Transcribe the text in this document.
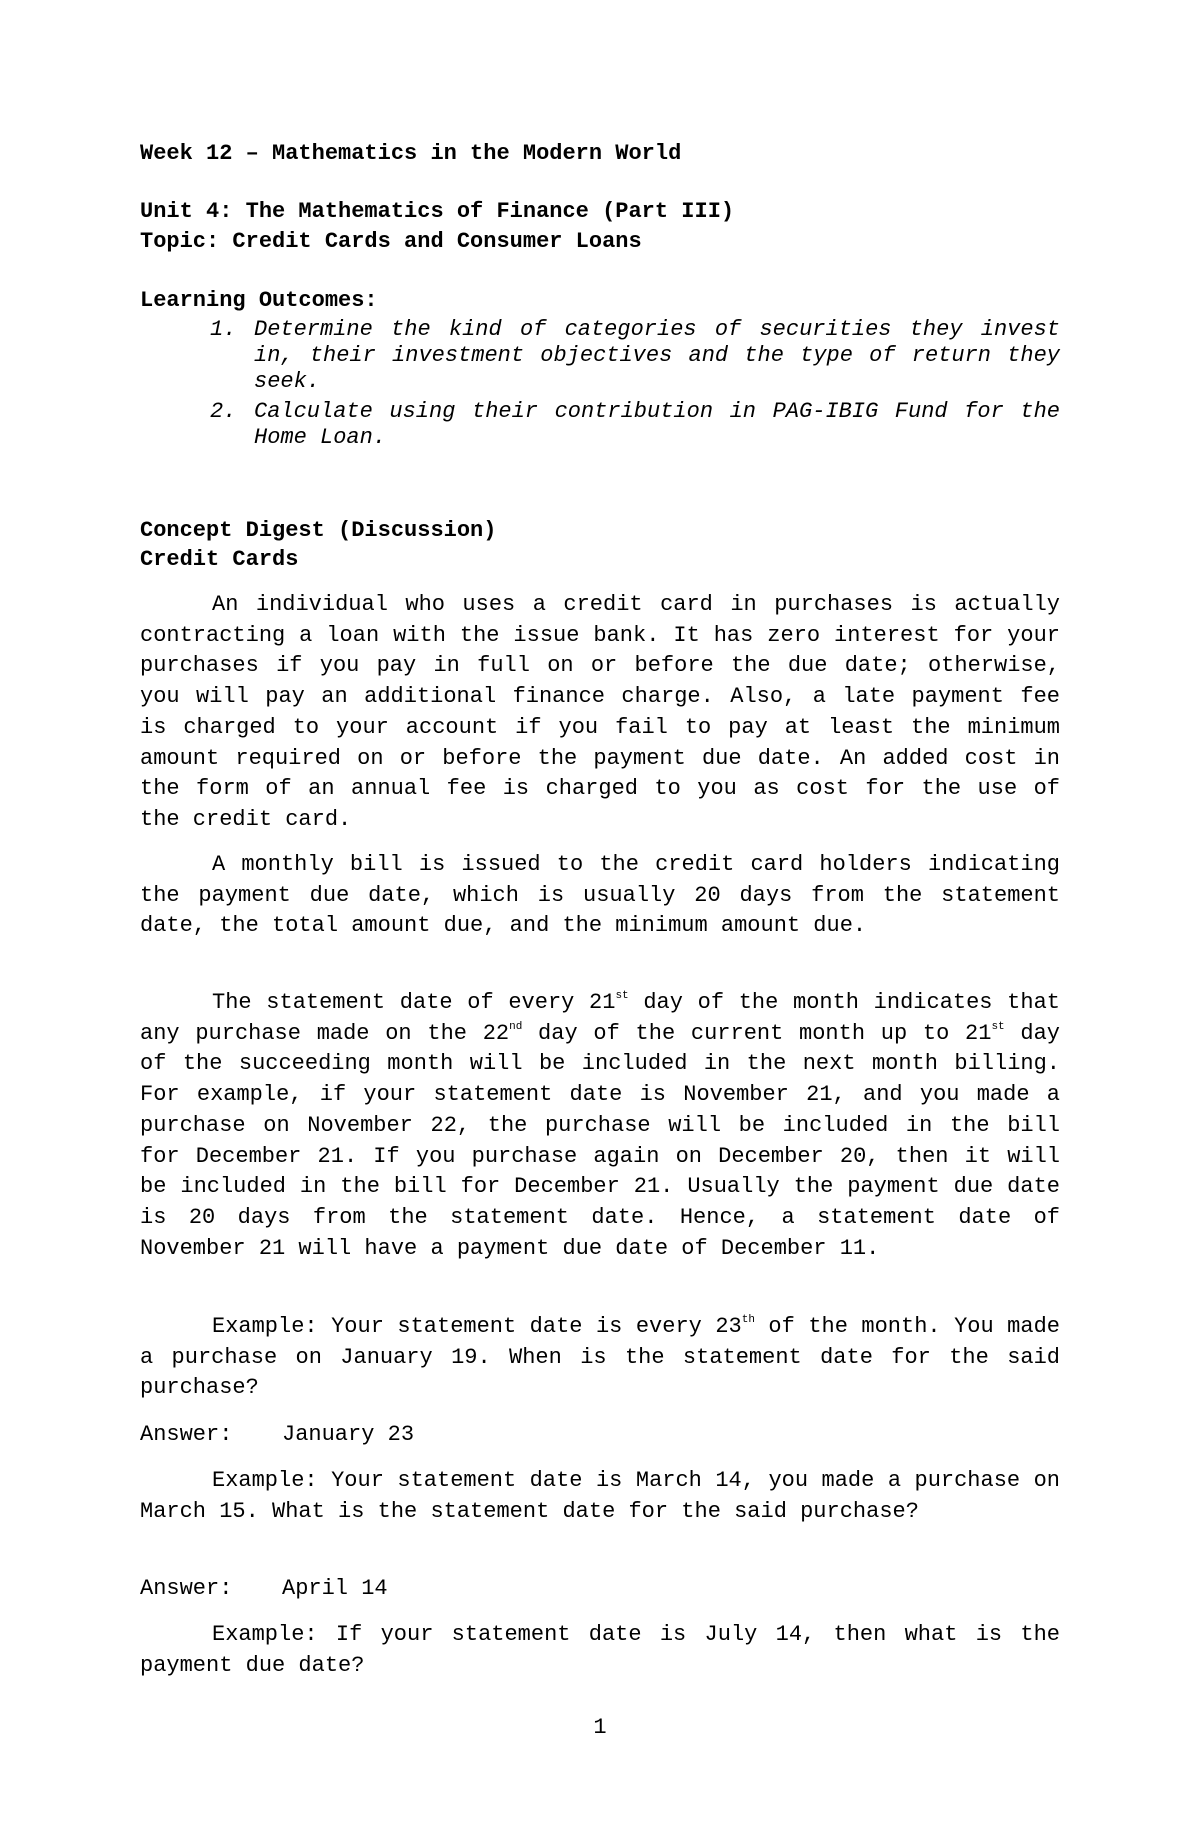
Week 12 – Mathematics in the Modern World

Unit 4: The Mathematics of Finance (Part III)

Topic: Credit Cards and Consumer Loans

Learning Outcomes:

1. Determine the kind of categories of securities they invest in, their investment objectives and the type of return they seek.
2. Calculate using their contribution in PAG-IBIG Fund for the Home Loan.

Concept Digest (Discussion)

Credit Cards

An individual who uses a credit card in purchases is actually contracting a loan with the issue bank. It has zero interest for your purchases if you pay in full on or before the due date; otherwise, you will pay an additional finance charge. Also, a late payment fee is charged to your account if you fail to pay at least the minimum amount required on or before the payment due date. An added cost in the form of an annual fee is charged to you as cost for the use of the credit card.

A monthly bill is issued to the credit card holders indicating the payment due date, which is usually 20 days from the statement date, the total amount due, and the minimum amount due.

The statement date of every 21st day of the month indicates that any purchase made on the 22nd day of the current month up to 21st day of the succeeding month will be included in the next month billing. For example, if your statement date is November 21, and you made a purchase on November 22, the purchase will be included in the bill for December 21. If you purchase again on December 20, then it will be included in the bill for December 21. Usually the payment due date is 20 days from the statement date. Hence, a statement date of November 21 will have a payment due date of December 11.

Example: Your statement date is every 23th of the month. You made a purchase on January 19. When is the statement date for the said purchase?

Answer: January 23

Example: Your statement date is March 14, you made a purchase on March 15. What is the statement date for the said purchase?

Answer: April 14

Example: If your statement date is July 14, then what is the payment due date?

1
